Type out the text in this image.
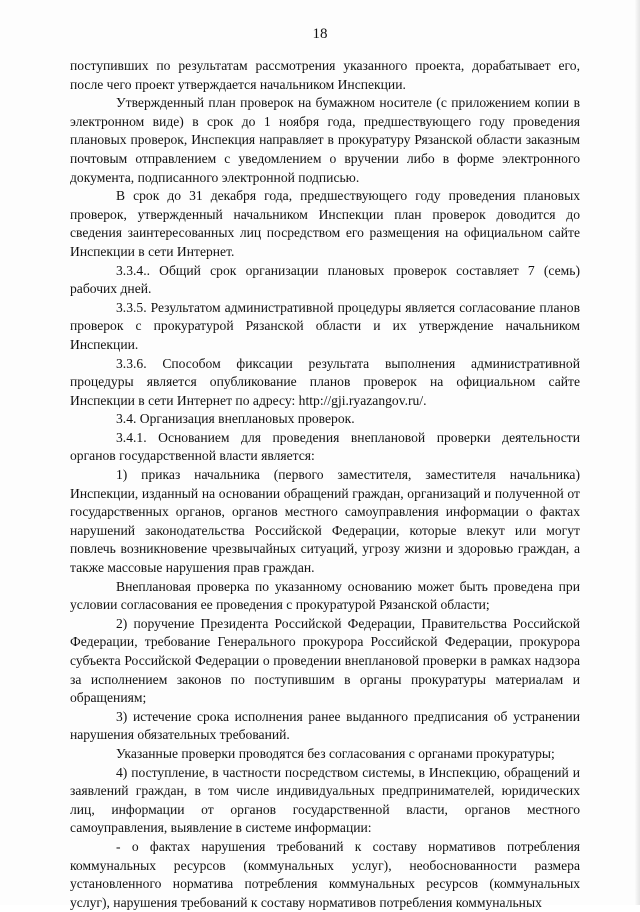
18

поступивших по результатам рассмотрения указанного проекта, дорабатывает его, после чего проект утверждается начальником Инспекции.

Утвержденный план проверок на бумажном носителе (с приложением копии в электронном виде) в срок до 1 ноября года, предшествующего году проведения плановых проверок, Инспекция направляет в прокуратуру Рязанской области заказным почтовым отправлением с уведомлением о вручении либо в форме электронного документа, подписанного электронной подписью.

В срок до 31 декабря года, предшествующего году проведения плановых проверок, утвержденный начальником Инспекции план проверок доводится до сведения заинтересованных лиц посредством его размещения на официальном сайте Инспекции в сети Интернет.

3.3.4.. Общий срок организации плановых проверок составляет 7 (семь) рабочих дней.

3.3.5. Результатом административной процедуры является согласование планов проверок с прокуратурой Рязанской области и их утверждение начальником Инспекции.

3.3.6. Способом фиксации результата выполнения административной процедуры является опубликование планов проверок на официальном сайте Инспекции в сети Интернет по адресу: http://gji.ryazangov.ru/.

3.4. Организация внеплановых проверок.

3.4.1. Основанием для проведения внеплановой проверки деятельности органов государственной власти является:

1) приказ начальника (первого заместителя, заместителя начальника) Инспекции, изданный на основании обращений граждан, организаций и полученной от государственных органов, органов местного самоуправления информации о фактах нарушений законодательства Российской Федерации, которые влекут или могут повлечь возникновение чрезвычайных ситуаций, угрозу жизни и здоровью граждан, а также массовые нарушения прав граждан.

Внеплановая проверка по указанному основанию может быть проведена при условии согласования ее проведения с прокуратурой Рязанской области;

2) поручение Президента Российской Федерации, Правительства Российской Федерации, требование Генерального прокурора Российской Федерации, прокурора субъекта Российской Федерации о проведении внеплановой проверки в рамках надзора за исполнением законов по поступившим в органы прокуратуры материалам и обращениям;

3) истечение срока исполнения ранее выданного предписания об устранении нарушения обязательных требований.

Указанные проверки проводятся без согласования с органами прокуратуры;

4) поступление, в частности посредством системы, в Инспекцию, обращений и заявлений граждан, в том числе индивидуальных предпринимателей, юридических лиц, информации от органов государственной власти, органов местного самоуправления, выявление в системе информации:

- о фактах нарушения требований к составу нормативов потребления коммунальных ресурсов (коммунальных услуг), необоснованности размера установленного норматива потребления коммунальных ресурсов (коммунальных услуг), нарушения требований к составу нормативов потребления коммунальных
